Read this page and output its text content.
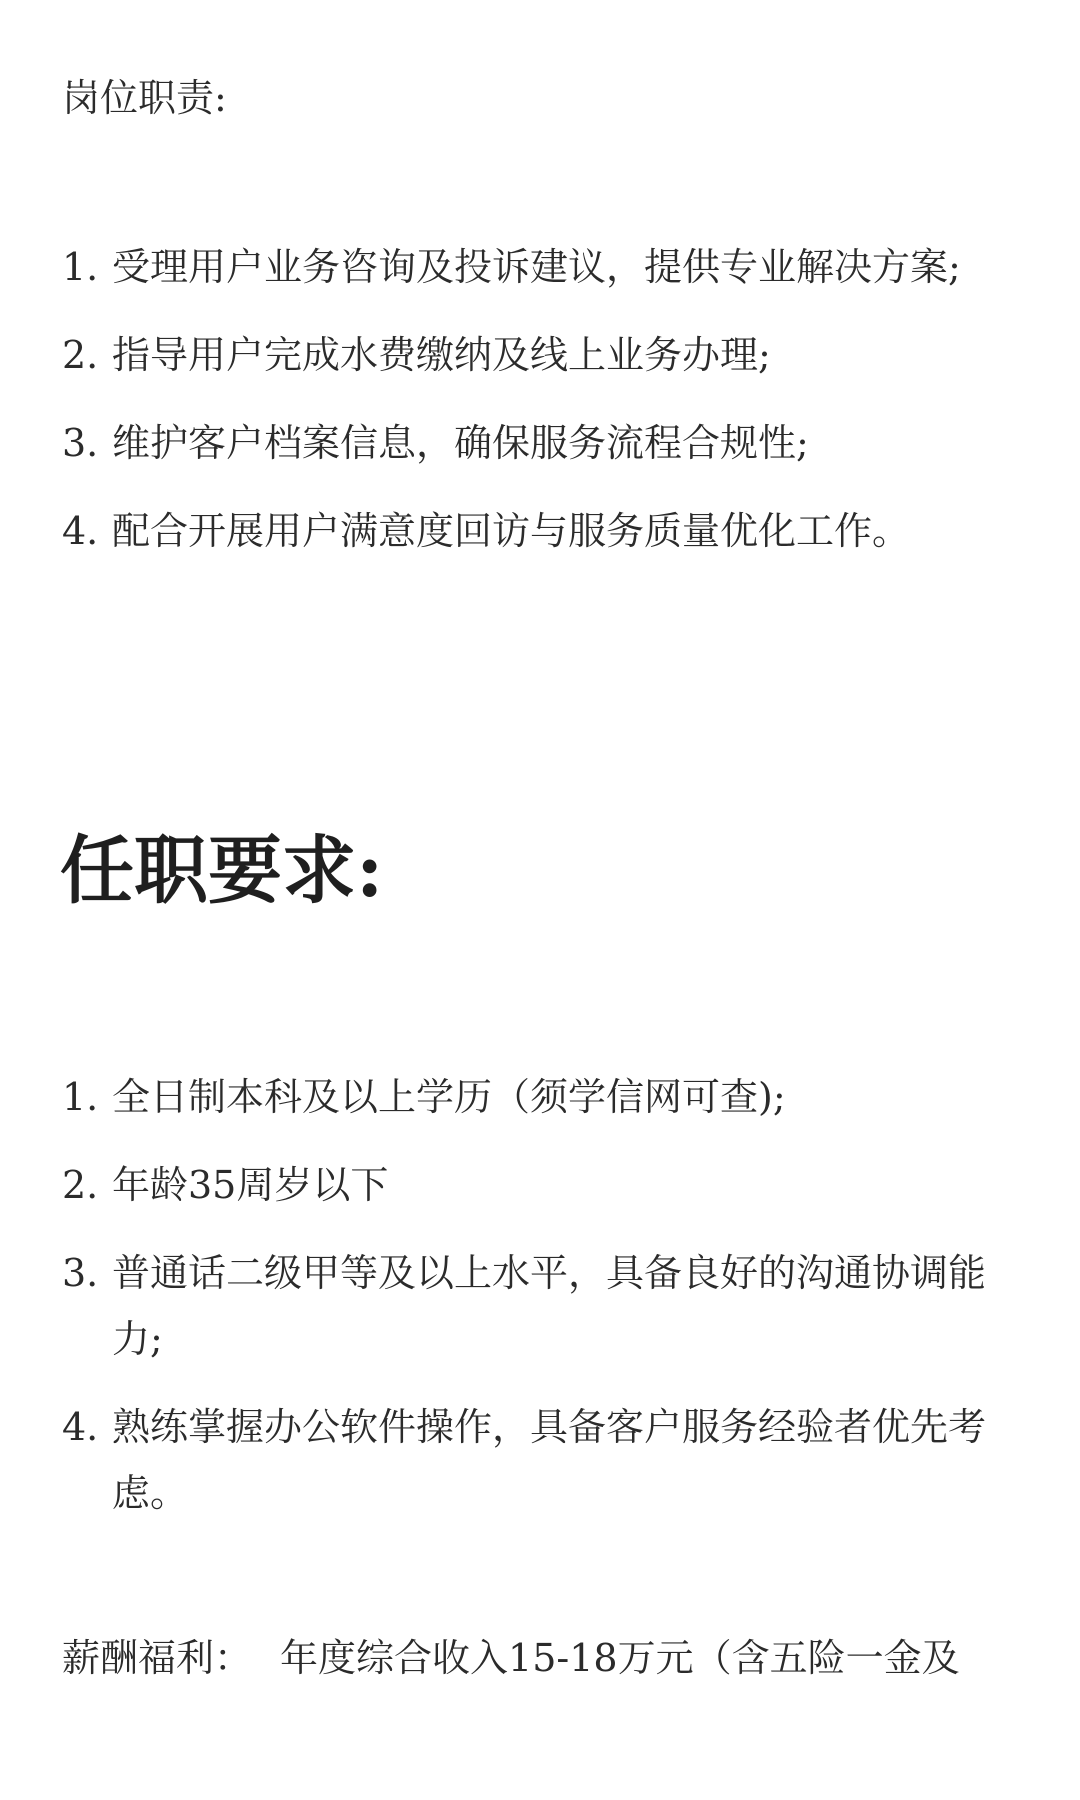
岗位职责:
1. 受理用户业务咨询及投诉建议，提供专业解决方案;
2. 指导用户完成水费缴纳及线上业务办理;
3. 维护客户档案信息，确保服务流程合规性;
4. 配合开展用户满意度回访与服务质量优化工作。
任职要求:
1. 全日制本科及以上学历（须学信网可查);
2. 年龄35周岁以下
3. 普通话二级甲等及以上水平，具备良好的沟通协调能力;
4. 熟练掌握办公软件操作，具备客户服务经验者优先考虑。
薪酬福利： 年度综合收入15-18万元（含五险一金及
